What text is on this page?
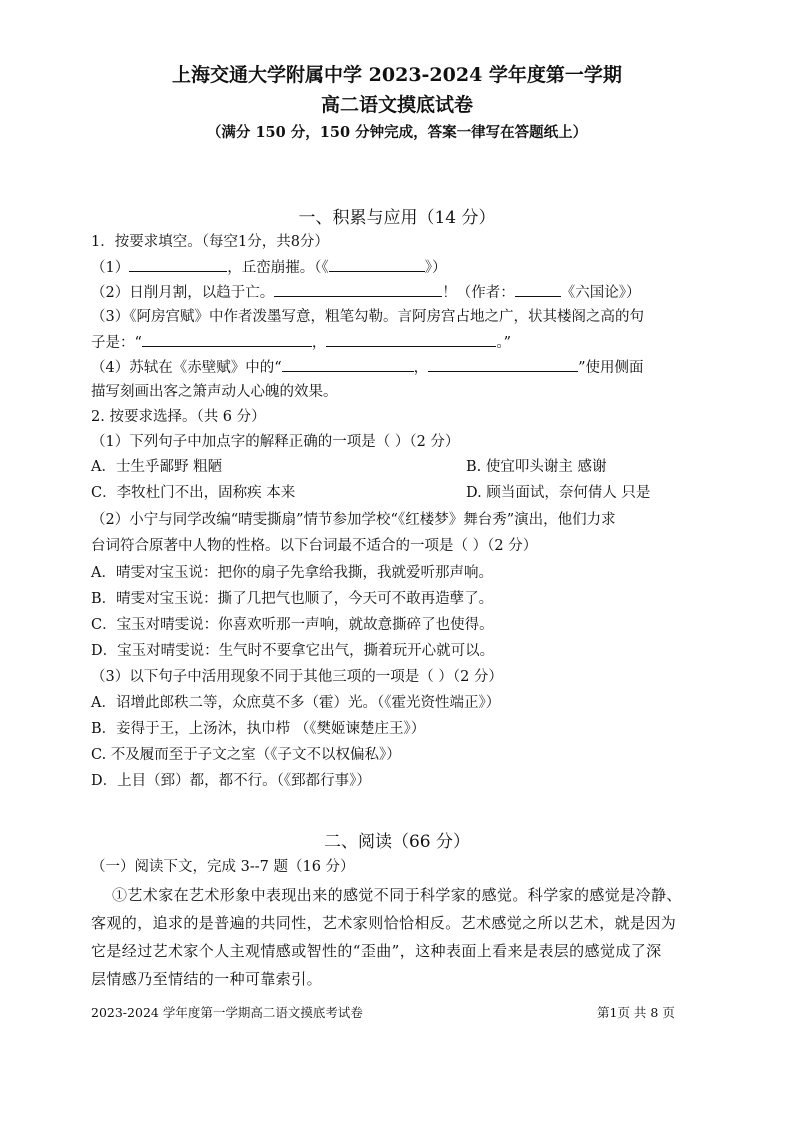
上海交通大学附属中学 2023-2024 学年度第一学期
高二语文摸底试卷
（满分 150 分，150 分钟完成，答案一律写在答题纸上）
一、积累与应用（14 分）
1．按要求填空。（每空1分，共8分）
（1）	，丘峦崩摧。（《	》）
（2）日削月割，以趋于亡。	！（作者：	《六国论》）
（3）《阿房宫赋》中作者泼墨写意，粗笔勾勒。言阿房宫占地之广，状其楼阁之高的句
子是：“	，	。”
（4）苏轼在《赤壁赋》中的“	，	”使用侧面
描写刻画出客之箫声动人心魄的效果。
2. 按要求选择。（共 6 分）
（1）下列句子中加点字的解释正确的一项是（ ）（2 分）
A．士生乎鄙野 粗陋	B. 使宜叩头谢主 感谢
C．李牧杜门不出，固称疾 本来	D. 顾当面试，奈何倩人 只是
（2）小宁与同学改编“晴雯撕扇”情节参加学校“《红楼梦》舞台秀”演出，他们力求
台词符合原著中人物的性格。以下台词最不适合的一项是（ ）（2 分）
A．晴雯对宝玉说：把你的扇子先拿给我撕，我就爱听那声响。
B．晴雯对宝玉说：撕了几把气也顺了，今天可不敢再造孽了。
C．宝玉对晴雯说：你喜欢听那一声响，就故意撕碎了也使得。
D．宝玉对晴雯说：生气时不要拿它出气，撕着玩开心就可以。
（3）以下句子中活用现象不同于其他三项的一项是（ ）（2 分）
A．诏增此郎秩二等，众庶莫不多（霍）光。（《霍光资性端正》）
B．妾得于王，上汤沐，执巾栉 （《樊姬谏楚庄王》）
C. 不及履而至于子文之室（《子文不以权偏私》）
D．上目（郅）都，都不行。（《郅都行事》）
二、阅读（66 分）
（一）阅读下文，完成 3--7 题（16 分）
①艺术家在艺术形象中表现出来的感觉不同于科学家的感觉。科学家的感觉是冷静、
客观的，追求的是普遍的共同性，艺术家则恰恰相反。艺术感觉之所以艺术，就是因为
它是经过艺术家个人主观情感或智性的“歪曲”，这种表面上看来是表层的感觉成了深
层情感乃至情结的一种可靠索引。
2023-2024 学年度第一学期高二语文摸底考试卷	第1页 共 8 页
